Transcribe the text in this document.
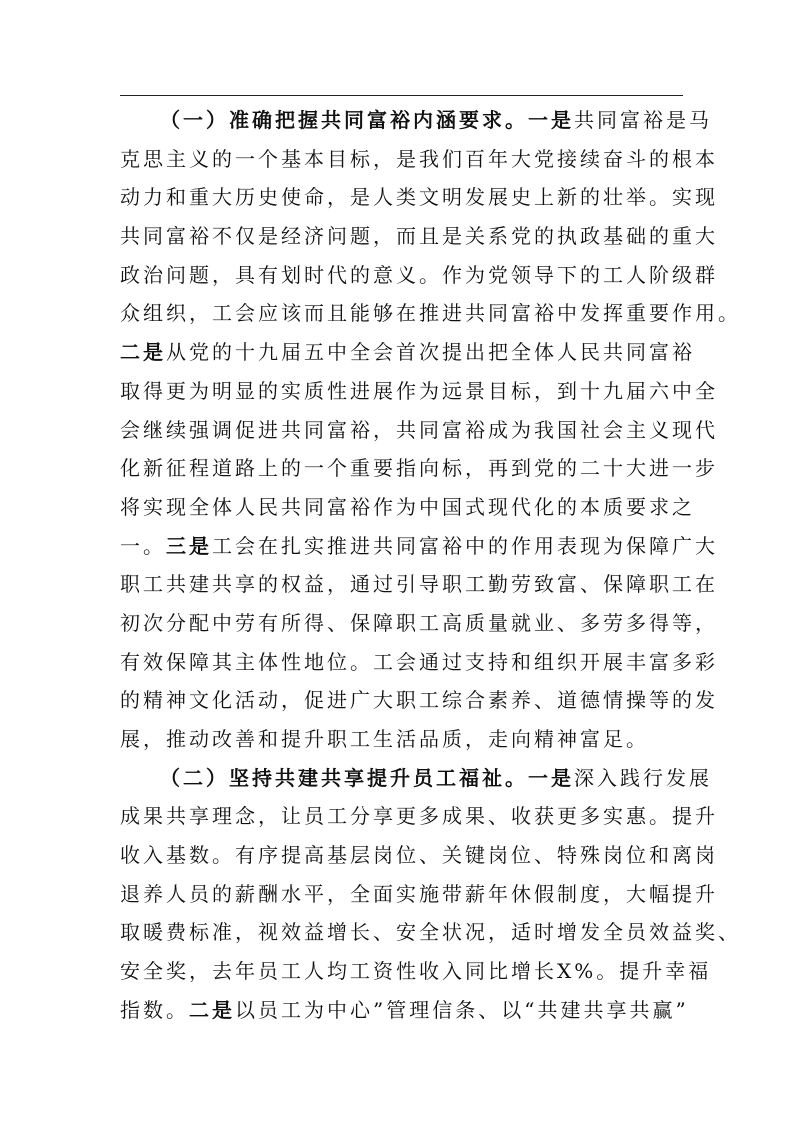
（一）准确把握共同富裕内涵要求。一是共同富裕是马
克思主义的一个基本目标，是我们百年大党接续奋斗的根本
动力和重大历史使命，是人类文明发展史上新的壮举。实现
共同富裕不仅是经济问题，而且是关系党的执政基础的重大
政治问题，具有划时代的意义。作为党领导下的工人阶级群
众组织，工会应该而且能够在推进共同富裕中发挥重要作用。
二是从党的十九届五中全会首次提出把全体人民共同富裕
取得更为明显的实质性进展作为远景目标，到十九届六中全
会继续强调促进共同富裕，共同富裕成为我国社会主义现代
化新征程道路上的一个重要指向标，再到党的二十大进一步
将实现全体人民共同富裕作为中国式现代化的本质要求之
一。三是工会在扎实推进共同富裕中的作用表现为保障广大
职工共建共享的权益，通过引导职工勤劳致富、保障职工在
初次分配中劳有所得、保障职工高质量就业、多劳多得等，
有效保障其主体性地位。工会通过支持和组织开展丰富多彩
的精神文化活动，促进广大职工综合素养、道德情操等的发
展，推动改善和提升职工生活品质，走向精神富足。
（二）坚持共建共享提升员工福祉。一是深入践行发展
成果共享理念，让员工分享更多成果、收获更多实惠。提升
收入基数。有序提高基层岗位、关键岗位、特殊岗位和离岗
退养人员的薪酬水平，全面实施带薪年休假制度，大幅提升
取暖费标准，视效益增长、安全状况，适时增发全员效益奖、
安全奖，去年员工人均工资性收入同比增长X%。提升幸福
指数。二是以员工为中心”管理信条、以“共建共享共赢”
